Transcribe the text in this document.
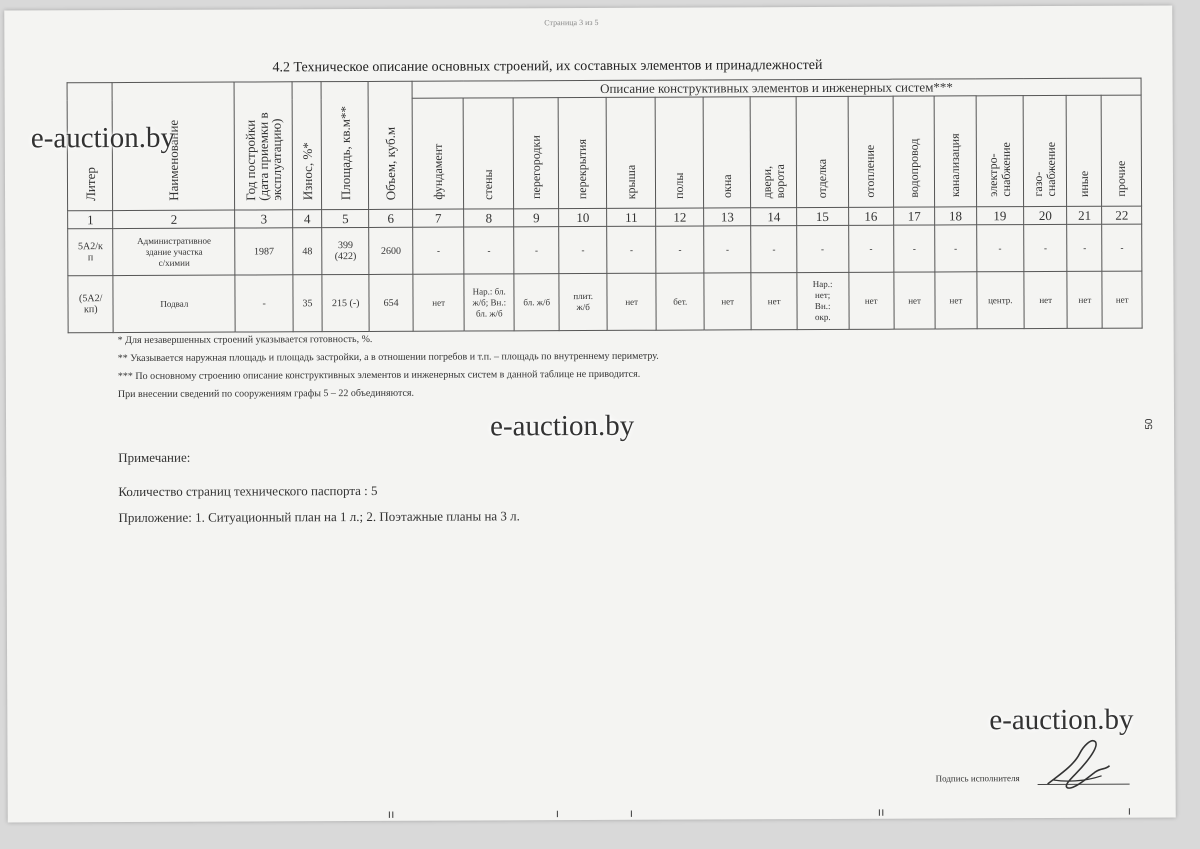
Страница 3 из 5
4.2 Техническое описание основных строений, их составных элементов и принадлежностей
Литер	Наименование	Год постройки
(дата приемки в
эксплуатацию)	Износ, %*	Площадь, кв.м**	Объем, куб.м	Описание конструктивных элементов и инженерных систем***															
						фундамент	стены	перегородки	перекрытия	крыша	полы	окна	двери,
ворота	отделка	отопление	водопровод	канализация	электро-
снабжение	газо-
снабжение	иные	прочие
1	2	3	4	5	6	7	8	9	10	11	12	13	14	15	16	17	18	19	20	21	22
5А2/к
п	Административное
здание участка
с/химии	1987	48	399
(422)	2600	-	-	-	-	-	-	-	-	-	-	-	-	-	-	-	-
(5А2/
кп)	Подвал	-	35	215 (-)	654	нет	Нар.: бл.
ж/б; Вн.:
бл. ж/б	бл. ж/б	плит.
ж/б	нет	бет.	нет	нет	Нар.:
нет;
Вн.:
окр.	нет	нет	нет	центр.	нет	нет	нет
* Для незавершенных строений указывается готовность, %.
** Указывается наружная площадь и площадь застройки, а в отношении погребов и т.п. – площадь по внутреннему периметру.
*** По основному строению описание конструктивных элементов и инженерных систем в данной таблице не приводится.
При внесении сведений по сооружениям графы 5 – 22 объединяются.
Примечание:
Количество страниц технического паспорта : 5
Приложение: 1. Ситуационный план на 1 л.; 2. Поэтажные планы на 3 л.
50
e-auction.by
e-auction.by
e-auction.by
Подпись исполнителя
ıı	ı	ı	ıı	ı
